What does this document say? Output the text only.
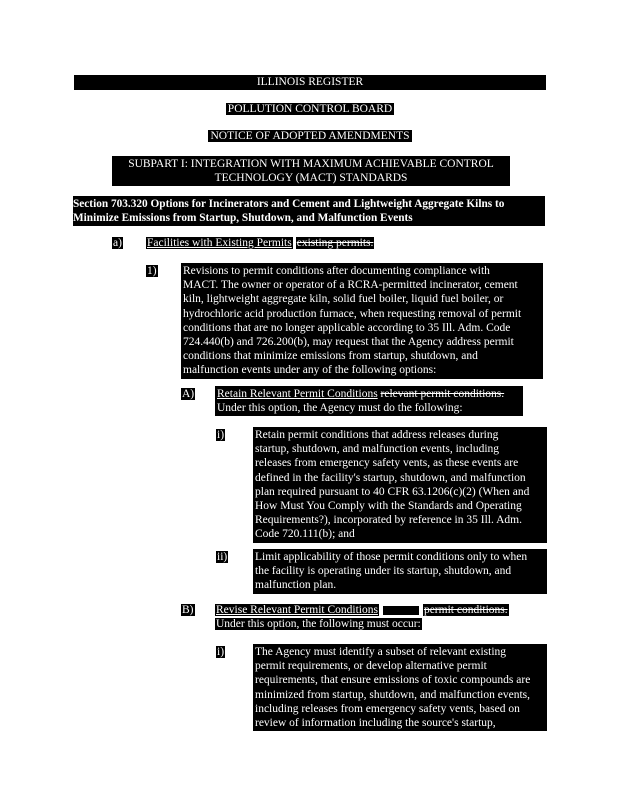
ILLINOIS REGISTER
POLLUTION CONTROL BOARD
NOTICE OF ADOPTED AMENDMENTS
SUBPART I: INTEGRATION WITH MAXIMUM ACHIEVABLE CONTROL
TECHNOLOGY (MACT) STANDARDS
Section 703.320 Options for Incinerators and Cement and Lightweight Aggregate Kilns to
Minimize Emissions from Startup, Shutdown, and Malfunction Events
a) Facilities with Existing Permits existing permits.
1) Revisions to permit conditions after documenting compliance with
MACT. The owner or operator of a RCRA-permitted incinerator, cement
kiln, lightweight aggregate kiln, solid fuel boiler, liquid fuel boiler, or
hydrochloric acid production furnace, when requesting removal of permit
conditions that are no longer applicable according to 35 Ill. Adm. Code
724.440(b) and 726.200(b), may request that the Agency address permit
conditions that minimize emissions from startup, shutdown, and
malfunction events under any of the following options:
A) Retain Relevant Permit Conditions relevant permit conditions.
Under this option, the Agency must do the following:
i)	Retain permit conditions that address releases during
startup, shutdown, and malfunction events, including
releases from emergency safety vents, as these events are
defined in the facility's startup, shutdown, and malfunction
plan required pursuant to 40 CFR 63.1206(c)(2) (When and
How Must You Comply with the Standards and Operating
Requirements?), incorporated by reference in 35 Ill. Adm.
Code 720.111(b); and
ii) Limit applicability of those permit conditions only to when
the facility is operating under its startup, shutdown, and
malfunction plan.
B) Revise Relevant Permit Conditions	permit conditions.
Under this option, the following must occur:
i)	The Agency must identify a subset of relevant existing
permit requirements, or develop alternative permit
requirements, that ensure emissions of toxic compounds are
minimized from startup, shutdown, and malfunction events,
including releases from emergency safety vents, based on
review of information including the source's startup,
